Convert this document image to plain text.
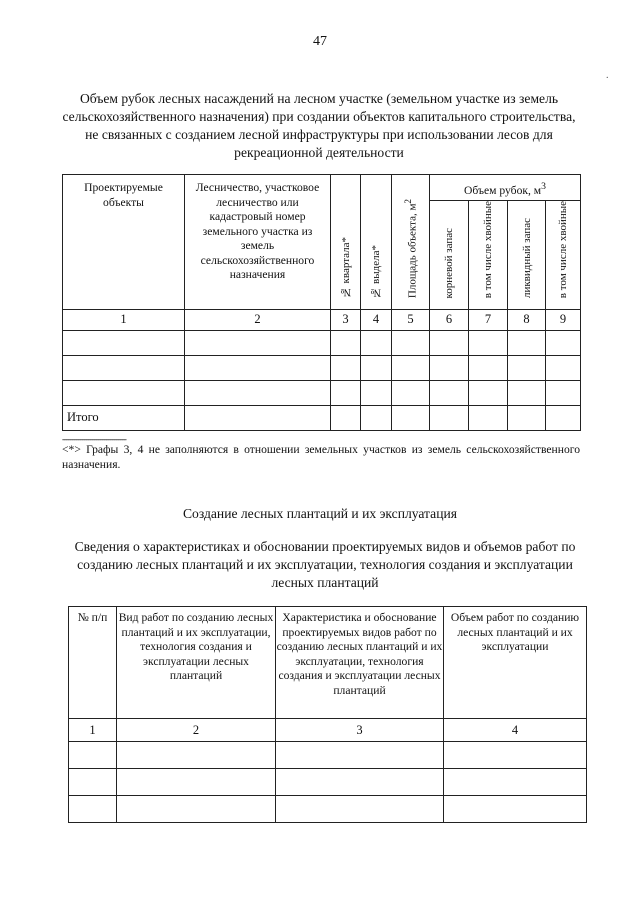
47
.
Объем рубок лесных насаждений на лесном участке (земельном участке из земель сельскохозяйственного назначения) при создании объектов капитального строительства, не связанных с созданием лесной инфраструктуры при использовании лесов для рекреационной деятельности
Проектируемые объекты	Лесничество, участковое лесничество или кадастровый номер земельного участка из земель сельскохозяйственного назначения	№ квартала*	№ выдела*	Площадь объекта, $м^2$	Объем рубок, $м^3$
					корневой запас	в том числе хвойные	ликвидный запас	в том числе хвойные
1	2	3	4	5	6	7	8	9

Итого								
--------------------------------
<*> Графы 3, 4 не заполняются в отношении земельных участков из земель сельскохозяйственного назначения.
Создание лесных плантаций и их эксплуатация
Сведения о характеристиках и обосновании проектируемых видов и объемов работ по созданию лесных плантаций и их эксплуатации, технология создания и эксплуатации лесных плантаций
№ п/п	Вид работ по созданию лесных плантаций и их эксплуатации, технология создания и эксплуатации лесных плантаций	Характеристика и обоснование проектируемых видов работ по созданию лесных плантаций и их эксплуатации, технология создания и эксплуатации лесных плантаций	Объем работ по созданию лесных плантаций и их эксплуатации
1	2	3	4
